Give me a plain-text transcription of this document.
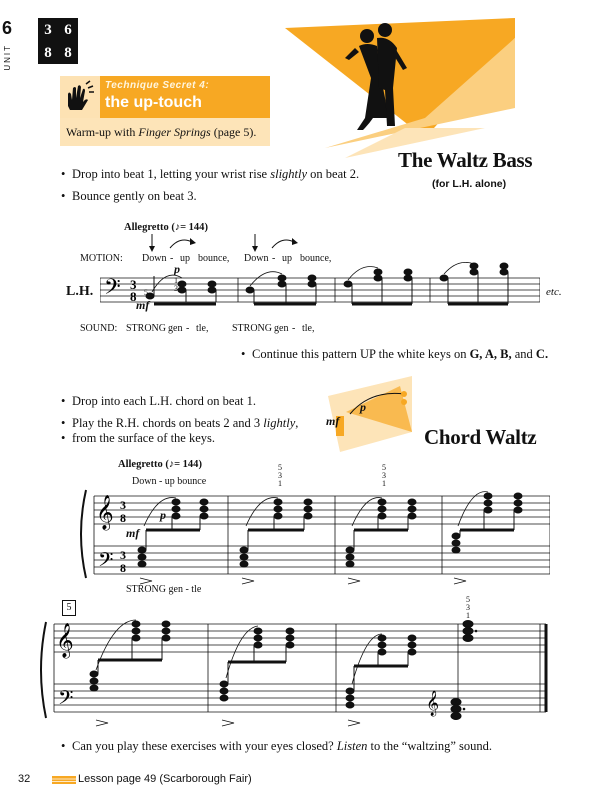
6
UNIT
3 6
8 8
Technique Secret 4:
the up-touch
Warm-up with Finger Springs (page 5).
The Waltz Bass
(for L.H. alone)
• Drop into beat 1, letting your wrist rise slightly on beat 2.
• Bounce gently on beat 3.
Allegretto (♪= 144)
MOTION: Down - up bounce, Down - up bounce,
L.H. 𝄢 3
8
p
mf
5
1
3	etc.
SOUND: STRONG gen - tle, STRONG gen - tle,
• Continue this pattern UP the white keys on G, A, B, and C.
• Drop into each L.H. chord on beat 1.
• Play the R.H. chords on beats 2 and 3 lightly,
• from the surface of the keys.
mf
p
Chord Waltz
Allegretto (♪= 144)
Down - up bounce
𝄞
𝄢
3
8
3
8
p
mf
5
3
1
5
3
1
STRONG gen - tle
5
𝄞
𝄢	𝄞
5
3
1
1
3
5
• Can you play these exercises with your eyes closed? Listen to the “waltzing” sound.
32	Lesson page 49 (Scarborough Fair)
